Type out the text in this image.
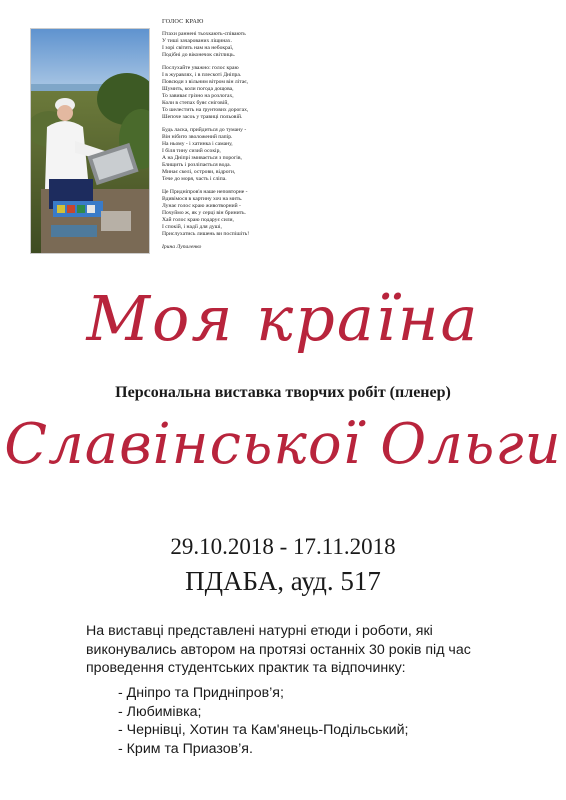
ГОЛОС КРАЮ
Птахи раннені тьохкають-співають
У тиші зачарованих ліщинах.
І зорі світять нам на небокраї,
Подібні до віконечок світлиць.
Послухайте уважно: голос краю
І в журавлях, і в плескоті Дніпра.
Повсюди з вільним вітром він літає,
Шумить, коли погода дощова,
То завиває грізно на розлогах,
Коли в степах буяє сніговій,
То шелестить на ґрунтових дорогах,
Шепоче засоь у травиці польовій.
Будь ласка, прийдиться до туману -
Він нібито зволожений папір.
На ньому - і хатинка і саману,
І біля тину сизий осокір,
А на Дніпрі змивається з порогів,
Блищить і розліпається вода.
Минає скелі, острови, відроги,
Тече до моря, часть і сліпа.
Це Придніпров'я наше неповторне -
Вдивімося в картину хоч на мить.
Лунає голос краю животворний -
Почуймо ж, як у серці він бринить.
Хай голос краю подарує сили,
І спокій, і надії для душі,
Прислухатись лишень ви поспішіть!
Ірина Лупаленко
Моя країна
Персональна виставка творчих робіт (пленер)
Славінської Ольги
29.10.2018 - 17.11.2018
ПДАБА, ауд. 517
На виставці представлені натурні етюди і роботи, які виконувались автором на протязі останніх 30 років під час проведення студентських практик та відпочинку:
- Дніпро та Придніпров’я;
- Любимівка;
- Чернівці, Хотин та Кам'янець-Подільський;
- Крим та Приазов’я.
